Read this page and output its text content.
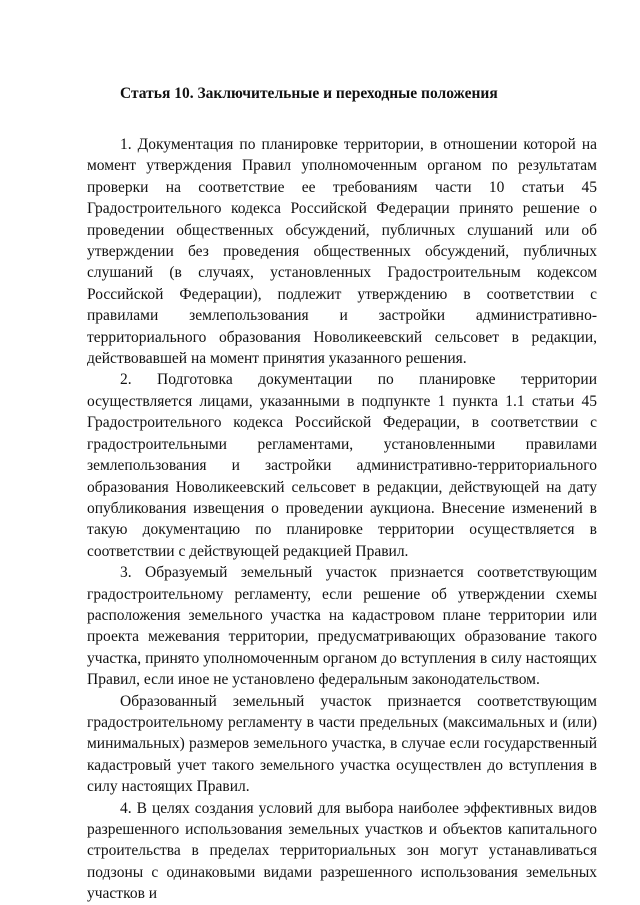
Статья 10. Заключительные и переходные положения

1. Документация по планировке территории, в отношении которой на момент утверждения Правил уполномоченным органом по результатам проверки на соответствие ее требованиям части 10 статьи 45 Градостроительного кодекса Российской Федерации принято решение о проведении общественных обсуждений, публичных слушаний или об утверждении без проведения общественных обсуждений, публичных слушаний (в случаях, установленных Градостроительным кодексом Российской Федерации), подлежит утверждению в соответствии с правилами землепользования и застройки административно-территориального образования Новоликеевский сельсовет в редакции, действовавшей на момент принятия указанного решения.

2. Подготовка документации по планировке территории осуществляется лицами, указанными в подпункте 1 пункта 1.1 статьи 45 Градостроительного кодекса Российской Федерации, в соответствии с градостроительными регламентами, установленными правилами землепользования и застройки административно-территориального образования Новоликеевский сельсовет в редакции, действующей на дату опубликования извещения о проведении аукциона. Внесение изменений в такую документацию по планировке территории осуществляется в соответствии с действующей редакцией Правил.

3. Образуемый земельный участок признается соответствующим градостроительному регламенту, если решение об утверждении схемы расположения земельного участка на кадастровом плане территории или проекта межевания территории, предусматривающих образование такого участка, принято уполномоченным органом до вступления в силу настоящих Правил, если иное не установлено федеральным законодательством.

Образованный земельный участок признается соответствующим градостроительному регламенту в части предельных (максимальных и (или) минимальных) размеров земельного участка, в случае если государственный кадастровый учет такого земельного участка осуществлен до вступления в силу настоящих Правил.

4. В целях создания условий для выбора наиболее эффективных видов разрешенного использования земельных участков и объектов капитального строительства в пределах территориальных зон могут устанавливаться подзоны с одинаковыми видами разрешенного использования земельных участков и
